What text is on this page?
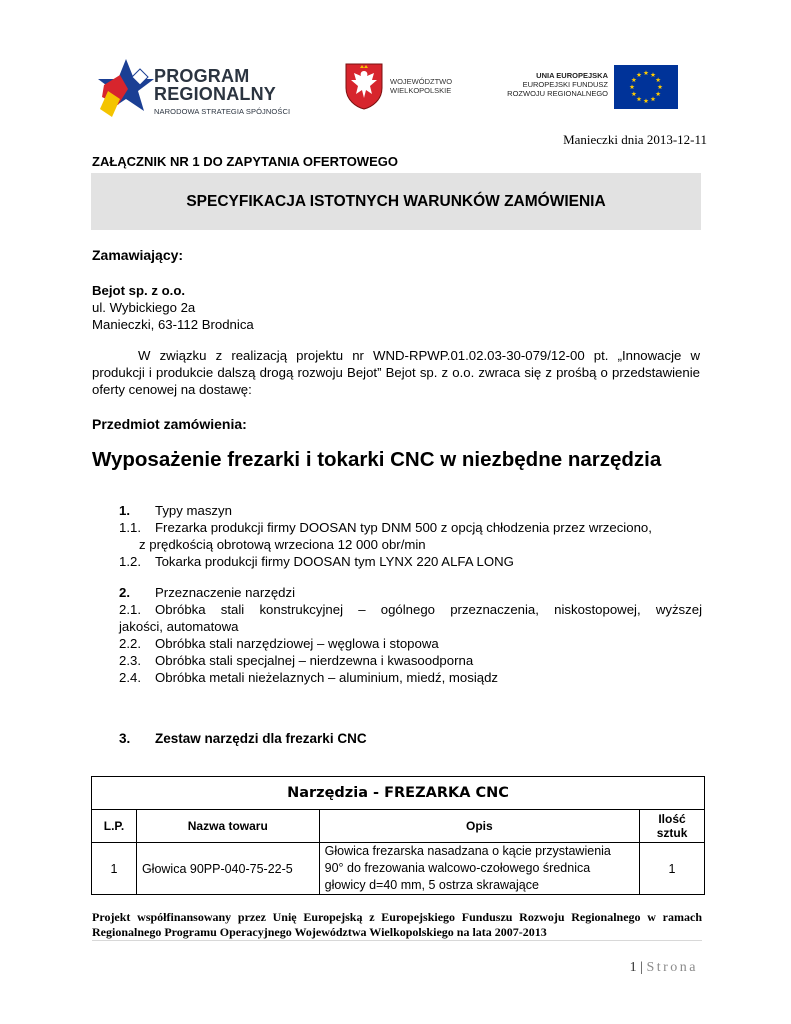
PROGRAM
REGIONALNY
NARODOWA STRATEGIA SPÓJNOŚCI
WOJEWÓDZTWO
WIELKOPOLSKIE
UNIA EUROPEJSKA
EUROPEJSKI FUNDUSZ
ROZWOJU REGIONALNEGO
Manieczki dnia 2013-12-11
ZAŁĄCZNIK NR 1 DO ZAPYTANIA OFERTOWEGO
SPECYFIKACJA ISTOTNYCH WARUNKÓW ZAMÓWIENIA
Zamawiający:
Bejot sp. z o.o.
ul. Wybickiego 2a
Manieczki, 63-112 Brodnica
W związku z realizacją projektu nr WND-RPWP.01.02.03-30-079/12-00 pt. „Innowacje w produkcji i produkcie dalszą drogą rozwoju Bejot” Bejot sp. z o.o. zwraca się z prośbą o przedstawienie oferty cenowej na dostawę:
Przedmiot zamówienia:
Wyposażenie frezarki i tokarki CNC w niezbędne narzędzia
1. Typy maszyn
1.1. Frezarka produkcji firmy DOOSAN typ DNM 500 z opcją chłodzenia przez wrzeciono,
z prędkością obrotową wrzeciona 12 000 obr/min
1.2. Tokarka produkcji firmy DOOSAN tym LYNX 220 ALFA LONG
2. Przeznaczenie narzędzi
2.1. Obróbka stali konstrukcyjnej – ogólnego przeznaczenia, niskostopowej, wyższej
jakości, automatowa
2.2. Obróbka stali narzędziowej – węglowa i stopowa
2.3. Obróbka stali specjalnej – nierdzewna i kwasoodporna
2.4. Obróbka metali nieżelaznych – aluminium, miedź, mosiądz
3. Zestaw narzędzi dla frezarki CNC
Narzędzia - FREZARKA CNC			
L.P.	Nazwa towaru	Opis	Ilość
sztuk

1	Głowica 90PP-040-75-22-5	Głowica frezarska nasadzana o kącie przystawienia
90° do frezowania walcowo-czołowego średnica
głowicy d=40 mm, 5 ostrza skrawające	1
Projekt współfinansowany przez Unię Europejską z Europejskiego Funduszu Rozwoju Regionalnego w ramach Regionalnego Programu Operacyjnego Województwa Wielkopolskiego na lata 2007-2013
1 | Strona
